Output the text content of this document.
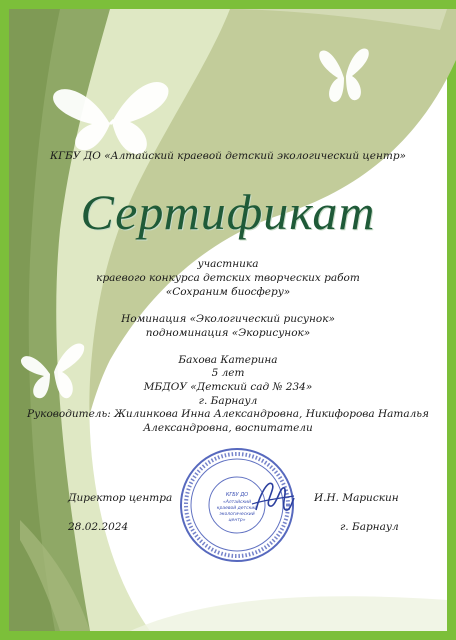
КГБУ ДО «Алтайский краевой детский экологический центр»
Сертификат
участника
краевого конкурса детских творческих работ
«Сохраним биосферу»
Номинация «Экологический рисунок»
подноминация «Экорисунок»
Бахова Катерина
5 лет
МБДОУ «Детский сад № 234»
г. Барнаул
Руководитель: Жилинкова Инна Александровна, Никифорова Наталья
Александровна, воспитатели
КГБУ ДО
«Алтайский
краевой детский
экологический
центр»
Директор центра	И.Н. Марискин
28.02.2024	г. Барнаул
